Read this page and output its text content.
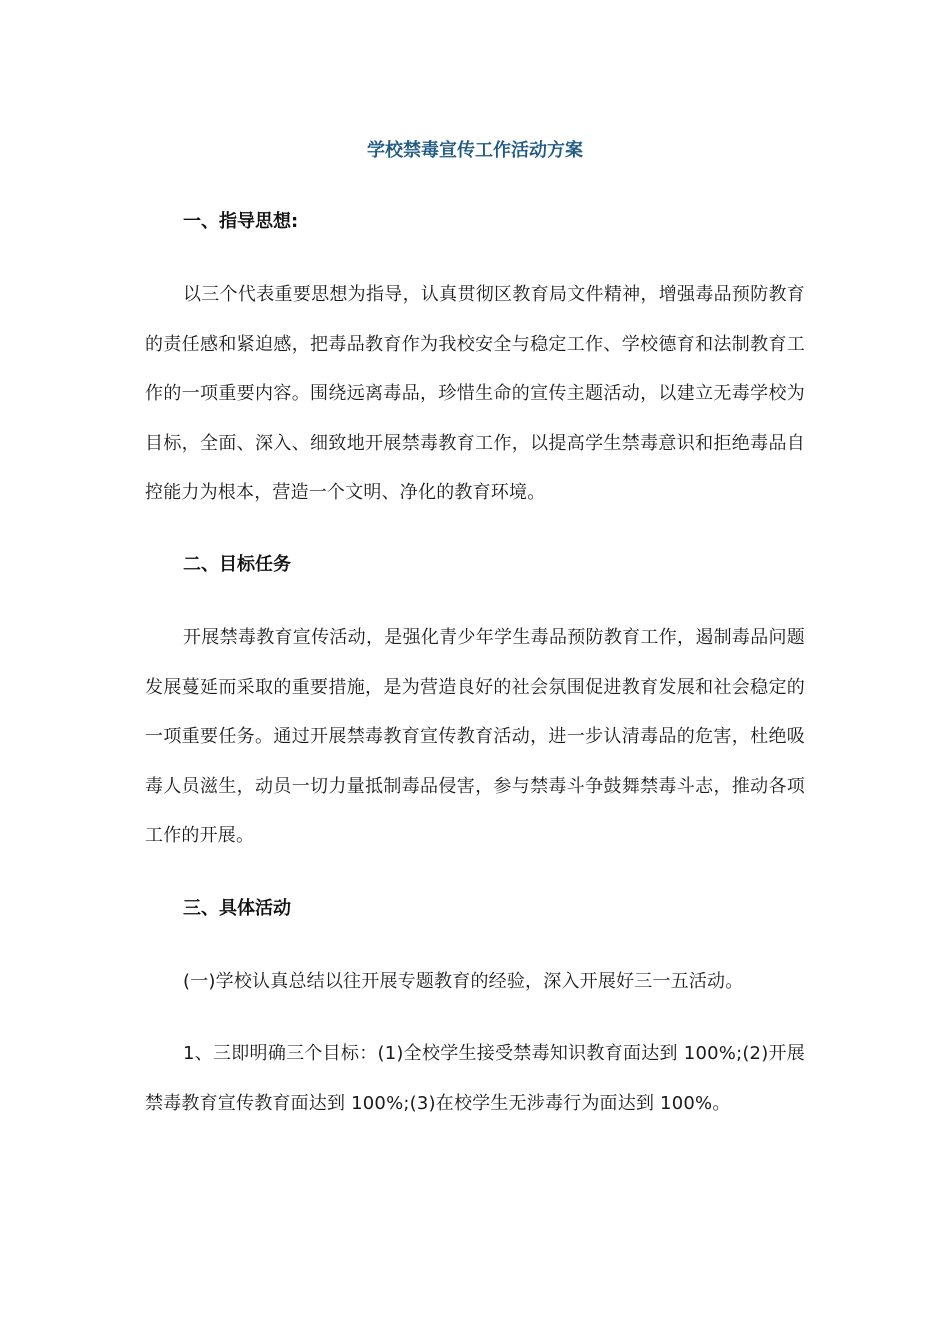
学校禁毒宣传工作活动方案
一、指导思想:

以三个代表重要思想为指导，认真贯彻区教育局文件精神，增强毒品预防教育的责任感和紧迫感，把毒品教育作为我校安全与稳定工作、学校德育和法制教育工作的一项重要内容。围绕远离毒品，珍惜生命的宣传主题活动，以建立无毒学校为目标，全面、深入、细致地开展禁毒教育工作，以提高学生禁毒意识和拒绝毒品自控能力为根本，营造一个文明、净化的教育环境。

二、目标任务

开展禁毒教育宣传活动，是强化青少年学生毒品预防教育工作，遏制毒品问题发展蔓延而采取的重要措施，是为营造良好的社会氛围促进教育发展和社会稳定的一项重要任务。通过开展禁毒教育宣传教育活动，进一步认清毒品的危害，杜绝吸毒人员滋生，动员一切力量抵制毒品侵害，参与禁毒斗争鼓舞禁毒斗志，推动各项工作的开展。

三、具体活动

(一)学校认真总结以往开展专题教育的经验，深入开展好三一五活动。

1、三即明确三个目标：(1)全校学生接受禁毒知识教育面达到 100%;(2)开展禁毒教育宣传教育面达到 100%;(3)在校学生无涉毒行为面达到 100%。
